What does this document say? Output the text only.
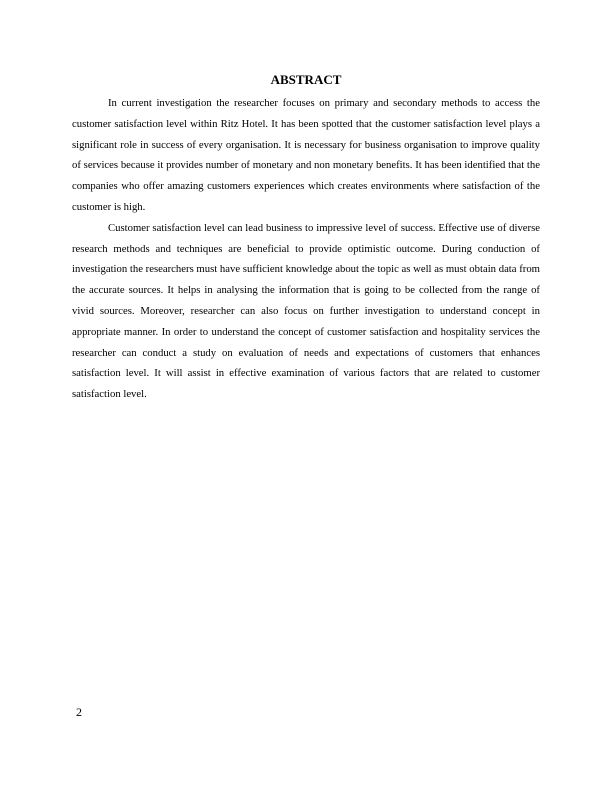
ABSTRACT

In current investigation the researcher focuses on primary and secondary methods to access the customer satisfaction level within Ritz Hotel. It has been spotted that the customer satisfaction level plays a significant role in success of every organisation. It is necessary for business organisation to improve quality of services because it provides number of monetary and non monetary benefits. It has been identified that the companies who offer amazing customers experiences which creates environments where satisfaction of the customer is high.

Customer satisfaction level can lead business to impressive level of success. Effective use of diverse research methods and techniques are beneficial to provide optimistic outcome. During conduction of investigation the researchers must have sufficient knowledge about the topic as well as must obtain data from the accurate sources. It helps in analysing the information that is going to be collected from the range of vivid sources. Moreover, researcher can also focus on further investigation to understand concept in appropriate manner. In order to understand the concept of customer satisfaction and hospitality services the researcher can conduct a study on evaluation of needs and expectations of customers that enhances satisfaction level. It will assist in effective examination of various factors that are related to customer satisfaction level.

2
